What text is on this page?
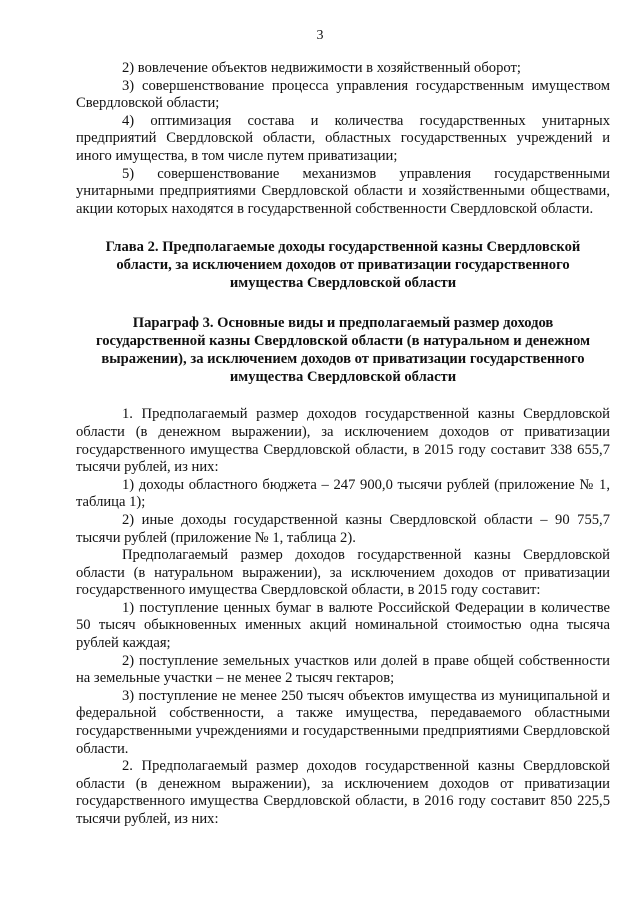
3

2) вовлечение объектов недвижимости в хозяйственный оборот;

3) совершенствование процесса управления государственным имуществом Свердловской области;

4) оптимизация состава и количества государственных унитарных предприятий Свердловской области, областных государственных учреждений и иного имущества, в том числе путем приватизации;

5) совершенствование механизмов управления государственными унитарными предприятиями Свердловской области и хозяйственными обществами, акции которых находятся в государственной собственности Свердловской области.

Глава 2. Предполагаемые доходы государственной казны Свердловской области, за исключением доходов от приватизации государственного имущества Свердловской области

Параграф 3. Основные виды и предполагаемый размер доходов государственной казны Свердловской области (в натуральном и денежном выражении), за исключением доходов от приватизации государственного имущества Свердловской области

1. Предполагаемый размер доходов государственной казны Свердловской области (в денежном выражении), за исключением доходов от приватизации государственного имущества Свердловской области, в 2015 году составит 338 655,7 тысячи рублей, из них:

1) доходы областного бюджета – 247 900,0 тысячи рублей (приложение № 1, таблица 1);

2) иные доходы государственной казны Свердловской области – 90 755,7 тысячи рублей (приложение № 1, таблица 2).

Предполагаемый размер доходов государственной казны Свердловской области (в натуральном выражении), за исключением доходов от приватизации государственного имущества Свердловской области, в 2015 году составит:

1) поступление ценных бумаг в валюте Российской Федерации в количестве 50 тысяч обыкновенных именных акций номинальной стоимостью одна тысяча рублей каждая;

2) поступление земельных участков или долей в праве общей собственности на земельные участки – не менее 2 тысяч гектаров;

3) поступление не менее 250 тысяч объектов имущества из муниципальной и федеральной собственности, а также имущества, передаваемого областными государственными учреждениями и государственными предприятиями Свердловской области.

2. Предполагаемый размер доходов государственной казны Свердловской области (в денежном выражении), за исключением доходов от приватизации государственного имущества Свердловской области, в 2016 году составит 850 225,5 тысячи рублей, из них:
